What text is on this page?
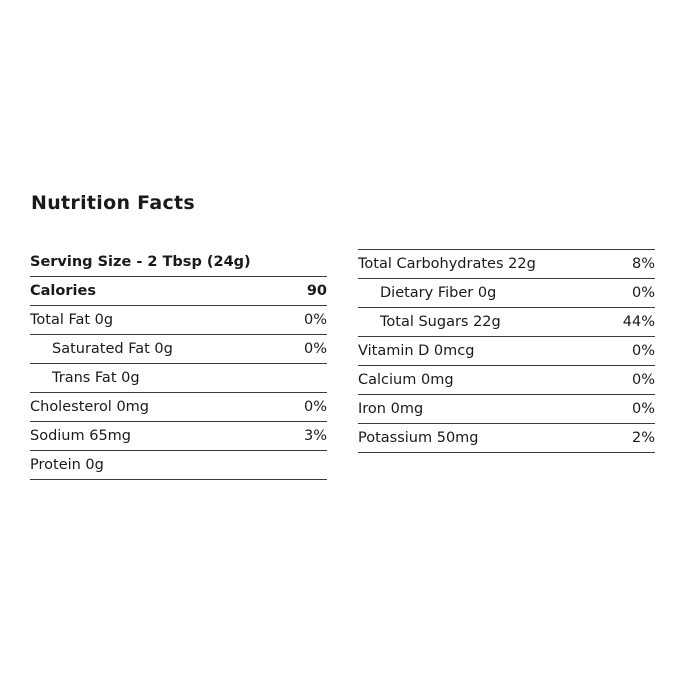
Nutrition Facts
Serving Size - 2 Tbsp (24g)
Calories	90
Total Fat 0g	0%
Saturated Fat 0g	0%
Trans Fat 0g
Cholesterol 0mg	0%
Sodium 65mg	3%
Protein 0g
Total Carbohydrates 22g	8%
Dietary Fiber 0g	0%
Total Sugars 22g	44%
Vitamin D 0mcg	0%
Calcium 0mg	0%
Iron 0mg	0%
Potassium 50mg	2%
